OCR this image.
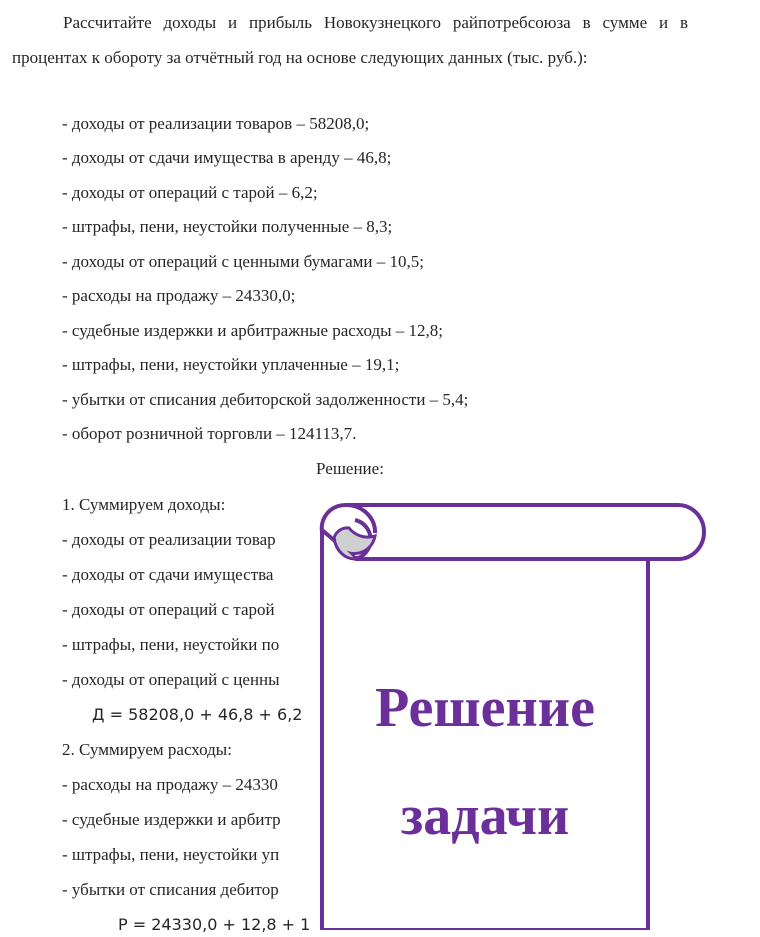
Рассчитайте доходы и прибыль Новокузнецкого райпотребсоюза в сумме и в процентах к обороту за отчётный год на основе следующих данных (тыс. руб.):

- доходы от реализации товаров – 58208,0;

- доходы от сдачи имущества в аренду – 46,8;

- доходы от операций с тарой – 6,2;

- штрафы, пени, неустойки полученные – 8,3;

- доходы от операций с ценными бумагами – 10,5;

- расходы на продажу – 24330,0;

- судебные издержки и арбитражные расходы – 12,8;

- штрафы, пени, неустойки уплаченные – 19,1;

- убытки от списания дебиторской задолженности – 5,4;

- оборот розничной торговли – 124113,7.

Решение:

1. Суммируем доходы:

- доходы от реализации товар

- доходы от сдачи имущества

- доходы от операций с тарой

- штрафы, пени, неустойки по

- доходы от операций с ценны

Д = 58208,0 + 46,8 + 6,2

2. Суммируем расходы:

- расходы на продажу – 24330

- судебные издержки и арбитр

- штрафы, пени, неустойки уп

- убытки от списания дебитор

Р = 24330,0 + 12,8 + 1

Решение

задачи
